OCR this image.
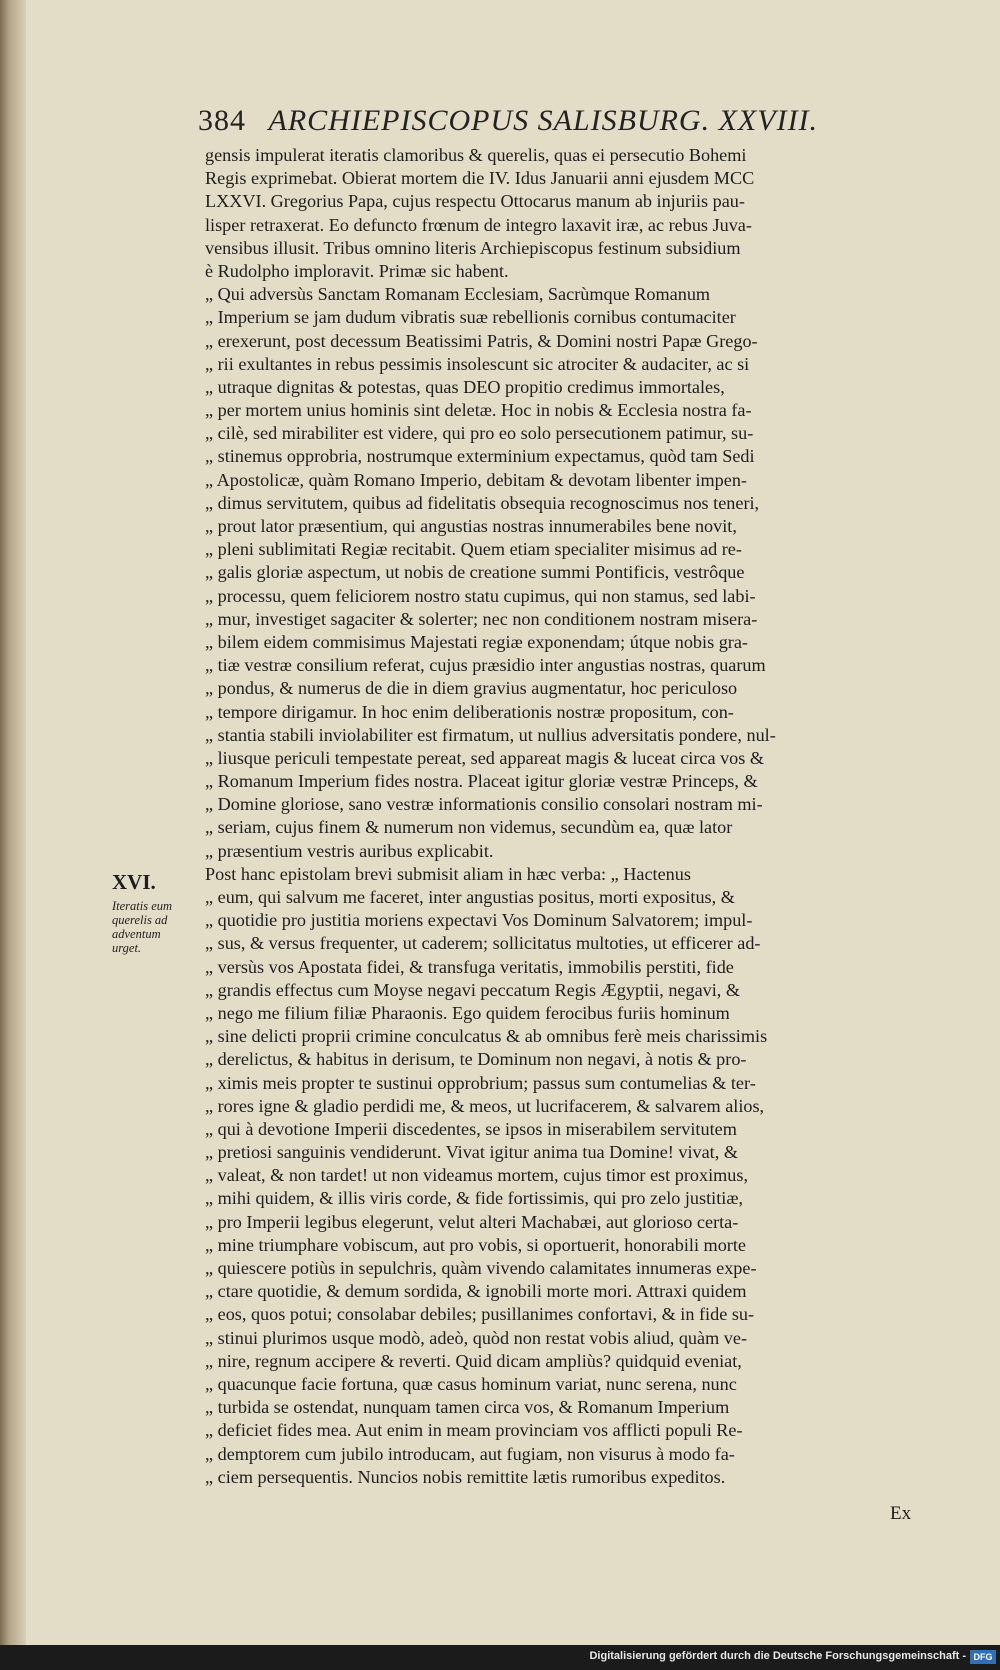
384 ARCHIEPISCOPUS SALISBURG. XXVIII.
gensis impulerat iteratis clamoribus & querelis, quas ei persecutio Bohemi
Regis exprimebat. Obierat mortem die IV. Idus Januarii anni ejusdem MCC
LXXVI. Gregorius Papa, cujus respectu Ottocarus manum ab injuriis pau-
lisper retraxerat. Eo defuncto frœnum de integro laxavit iræ, ac rebus Juva-
vensibus illusit. Tribus omnino literis Archiepiscopus festinum subsidium
è Rudolpho imploravit. Primæ sic habent.
„ Qui adversùs Sanctam Romanam Ecclesiam, Sacrùmque Romanum
„ Imperium se jam dudum vibratis suæ rebellionis cornibus contumaciter
„ erexerunt, post decessum Beatissimi Patris, & Domini nostri Papæ Grego-
„ rii exultantes in rebus pessimis insolescunt sic atrociter & audaciter, ac si
„ utraque dignitas & potestas, quas DEO propitio credimus immortales,
„ per mortem unius hominis sint deletæ. Hoc in nobis & Ecclesia nostra fa-
„ cilè, sed mirabiliter est videre, qui pro eo solo persecutionem patimur, su-
„ stinemus opprobria, nostrumque exterminium expectamus, quòd tam Sedi
„ Apostolicæ, quàm Romano Imperio, debitam & devotam libenter impen-
„ dimus servitutem, quibus ad fidelitatis obsequia recognoscimus nos teneri,
„ prout lator præsentium, qui angustias nostras innumerabiles bene novit,
„ pleni sublimitati Regiæ recitabit. Quem etiam specialiter misimus ad re-
„ galis gloriæ aspectum, ut nobis de creatione summi Pontificis, vestrôque
„ processu, quem feliciorem nostro statu cupimus, qui non stamus, sed labi-
„ mur, investiget sagaciter & solerter; nec non conditionem nostram misera-
„ bilem eidem commisimus Majestati regiæ exponendam; útque nobis gra-
„ tiæ vestræ consilium referat, cujus præsidio inter angustias nostras, quarum
„ pondus, & numerus de die in diem gravius augmentatur, hoc periculoso
„ tempore dirigamur. In hoc enim deliberationis nostræ propositum, con-
„ stantia stabili inviolabiliter est firmatum, ut nullius adversitatis pondere, nul-
„ liusque periculi tempestate pereat, sed appareat magis & luceat circa vos &
„ Romanum Imperium fides nostra. Placeat igitur gloriæ vestræ Princeps, &
„ Domine gloriose, sano vestræ informationis consilio consolari nostram mi-
„ seriam, cujus finem & numerum non videmus, secundùm ea, quæ lator
„ præsentium vestris auribus explicabit.
Post hanc epistolam brevi submisit aliam in hæc verba: „ Hactenus
„ eum, qui salvum me faceret, inter angustias positus, morti expositus, &
„ quotidie pro justitia moriens expectavi Vos Dominum Salvatorem; impul-
„ sus, & versus frequenter, ut caderem; sollicitatus multoties, ut efficerer ad-
„ versùs vos Apostata fidei, & transfuga veritatis, immobilis perstiti, fide
„ grandis effectus cum Moyse negavi peccatum Regis Ægyptii, negavi, &
„ nego me filium filiæ Pharaonis. Ego quidem ferocibus furiis hominum
„ sine delicti proprii crimine conculcatus & ab omnibus ferè meis charissimis
„ derelictus, & habitus in derisum, te Dominum non negavi, à notis & pro-
„ ximis meis propter te sustinui opprobrium; passus sum contumelias & ter-
„ rores igne & gladio perdidi me, & meos, ut lucrifacerem, & salvarem alios,
„ qui à devotione Imperii discedentes, se ipsos in miserabilem servitutem
„ pretiosi sanguinis vendiderunt. Vivat igitur anima tua Domine! vivat, &
„ valeat, & non tardet! ut non videamus mortem, cujus timor est proximus,
„ mihi quidem, & illis viris corde, & fide fortissimis, qui pro zelo justitiæ,
„ pro Imperii legibus elegerunt, velut alteri Machabæi, aut glorioso certa-
„ mine triumphare vobiscum, aut pro vobis, si oportuerit, honorabili morte
„ quiescere potiùs in sepulchris, quàm vivendo calamitates innumeras expe-
„ ctare quotidie, & demum sordida, & ignobili morte mori. Attraxi quidem
„ eos, quos potui; consolabar debiles; pusillanimes confortavi, & in fide su-
„ stinui plurimos usque modò, adeò, quòd non restat vobis aliud, quàm ve-
„ nire, regnum accipere & reverti. Quid dicam ampliùs? quidquid eveniat,
„ quacunque facie fortuna, quæ casus hominum variat, nunc serena, nunc
„ turbida se ostendat, nunquam tamen circa vos, & Romanum Imperium
„ deficiet fides mea. Aut enim in meam provinciam vos afflicti populi Re-
„ demptorem cum jubilo introducam, aut fugiam, non visurus à modo fa-
„ ciem persequentis. Nuncios nobis remittite lætis rumoribus expeditos.
XVI.
Iteratis eum
querelis ad
adventum
urget.
Ex
Digitalisierung gefördert durch die Deutsche Forschungsgemeinschaft - DFG
